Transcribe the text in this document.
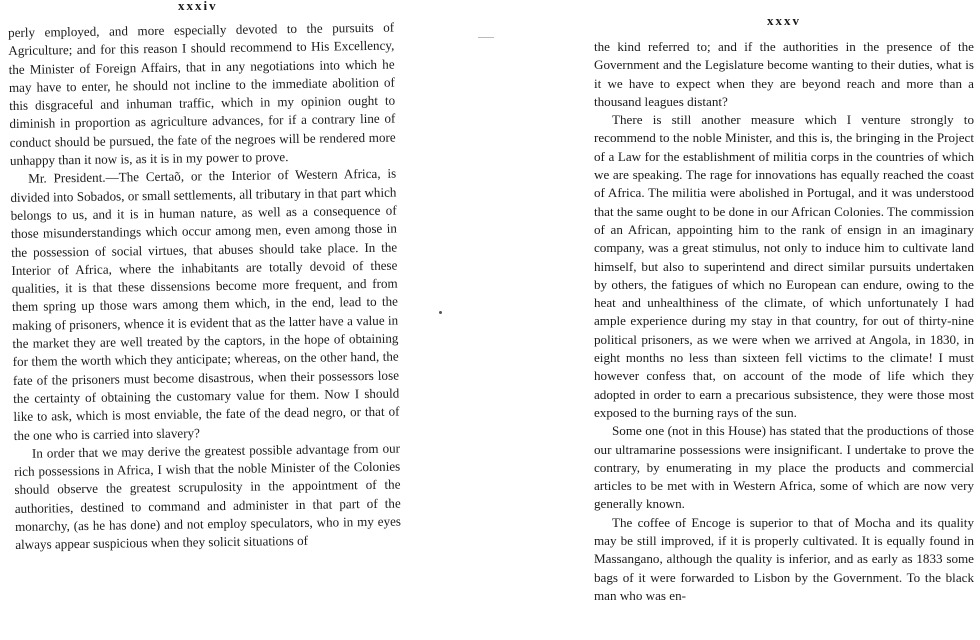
xxxiv

perly employed, and more especially devoted to the pursuits of Agriculture; and for this reason I should recommend to His Excellency, the Minister of Foreign Affairs, that in any negotiations into which he may have to enter, he should not incline to the immediate abolition of this disgraceful and inhuman traffic, which in my opinion ought to diminish in proportion as agriculture advances, for if a contrary line of conduct should be pursued, the fate of the negroes will be rendered more unhappy than it now is, as it is in my power to prove.

Mr. President.—The Certaõ, or the Interior of Western Africa, is divided into Sobados, or small settlements, all tributary in that part which belongs to us, and it is in human nature, as well as a consequence of those misunderstandings which occur among men, even among those in the possession of social virtues, that abuses should take place. In the Interior of Africa, where the inhabitants are totally devoid of these qualities, it is that these dissensions become more frequent, and from them spring up those wars among them which, in the end, lead to the making of prisoners, whence it is evident that as the latter have a value in the market they are well treated by the captors, in the hope of obtaining for them the worth which they anticipate; whereas, on the other hand, the fate of the prisoners must become disastrous, when their possessors lose the certainty of obtaining the customary value for them. Now I should like to ask, which is most enviable, the fate of the dead negro, or that of the one who is carried into slavery?

In order that we may derive the greatest possible advantage from our rich possessions in Africa, I wish that the noble Minister of the Colonies should observe the greatest scrupulosity in the appointment of the authorities, destined to command and administer in that part of the monarchy, (as he has done) and not employ speculators, who in my eyes always appear suspicious when they solicit situations of

xxxv

the kind referred to; and if the authorities in the presence of the Government and the Legislature become wanting to their duties, what is it we have to expect when they are beyond reach and more than a thousand leagues distant?

There is still another measure which I venture strongly to recommend to the noble Minister, and this is, the bringing in the Project of a Law for the establishment of militia corps in the countries of which we are speaking. The rage for innovations has equally reached the coast of Africa. The militia were abolished in Portugal, and it was understood that the same ought to be done in our African Colonies. The commission of an African, appointing him to the rank of ensign in an imaginary company, was a great stimulus, not only to induce him to cultivate land himself, but also to superintend and direct similar pursuits undertaken by others, the fatigues of which no European can endure, owing to the heat and unhealthiness of the climate, of which unfortunately I had ample experience during my stay in that country, for out of thirty-nine political prisoners, as we were when we arrived at Angola, in 1830, in eight months no less than sixteen fell victims to the climate! I must however confess that, on account of the mode of life which they adopted in order to earn a precarious subsistence, they were those most exposed to the burning rays of the sun.

Some one (not in this House) has stated that the productions of those our ultramarine possessions were insignificant. I undertake to prove the contrary, by enumerating in my place the products and commercial articles to be met with in Western Africa, some of which are now very generally known.

The coffee of Encoge is superior to that of Mocha and its quality may be still improved, if it is properly cultivated. It is equally found in Massangano, although the quality is inferior, and as early as 1833 some bags of it were forwarded to Lisbon by the Government. To the black man who was en-
